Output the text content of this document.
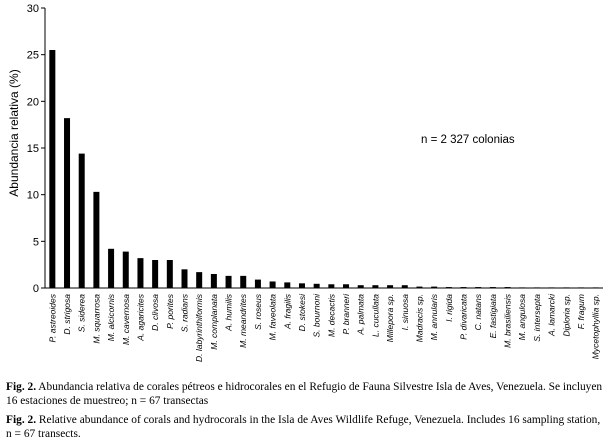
0
5
10
15
20
25
30
P. astreoides D. strigosa S. siderea M. squarrosa M. alcicornis M. cavernosa A. agaricites D. clivosa P. porites S. radians D. labyrinthiformis M. complanata A. humilis M. meandrites S. roseus M. faveolata A. fragilis D. stokesi S. bournoni M. decactis P. branneri A. palmata L. cucullata Millepora sp. I. sinuosa Madracis sp. M. annularis I. rigida P. divaricata C. natans E. fastigiata M. brasiliensis M. angulosa S. intersepta A. lamarcki Diploria sp. F. fragum Mycetophyllia sp.
Abundancia relativa (%)	n = 2 327 colonias
Fig. 2. Abundancia relativa de corales pétreos e hidrocorales en el Refugio de Fauna Silvestre Isla de Aves, Venezuela. Se incluyen 16 estaciones de muestreo; n = 67 transectas
Fig. 2. Relative abundance of corals and hydrocorals in the Isla de Aves Wildlife Refuge, Venezuela. Includes 16 sampling station, n = 67 transects.
